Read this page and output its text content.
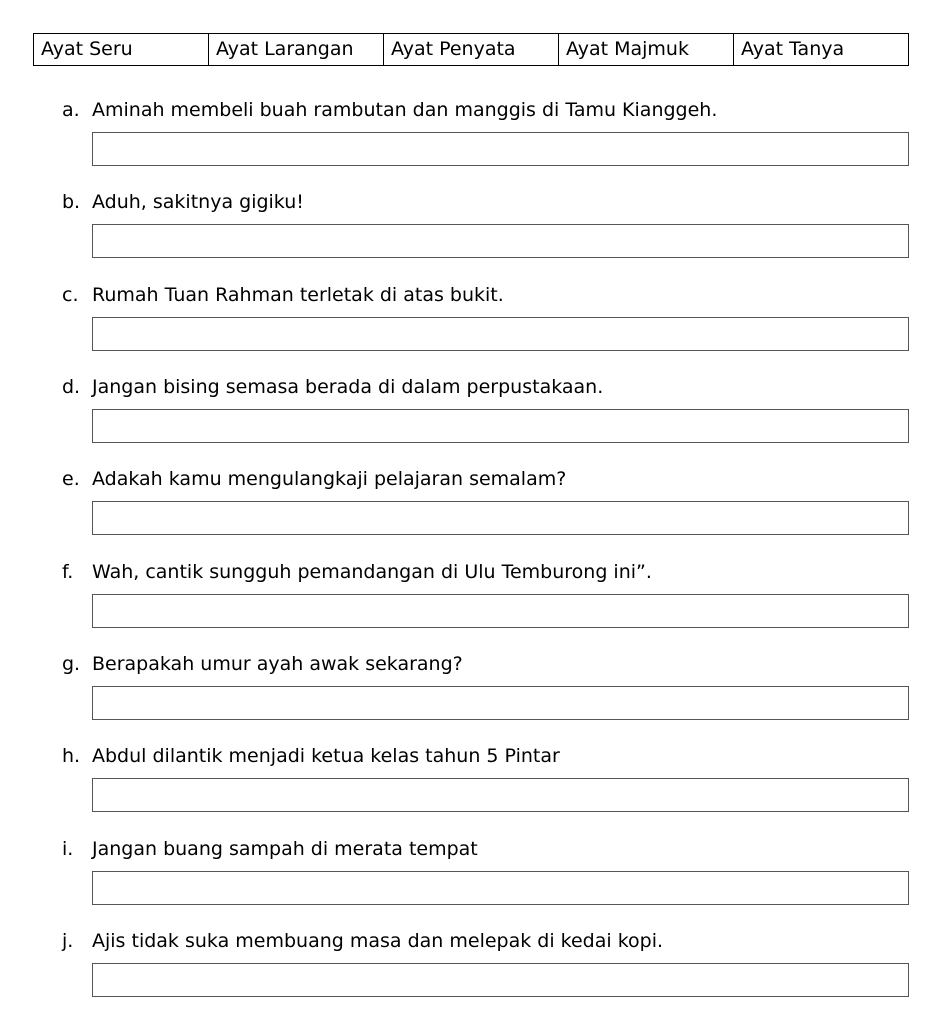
Ayat Seru	Ayat Larangan	Ayat Penyata	Ayat Majmuk	Ayat Tanya
a. Aminah membeli buah rambutan dan manggis di Tamu Kianggeh.
b. Aduh, sakitnya gigiku!
c. Rumah Tuan Rahman terletak di atas bukit.
d. Jangan bising semasa berada di dalam perpustakaan.
e. Adakah kamu mengulangkaji pelajaran semalam?
f. Wah, cantik sungguh pemandangan di Ulu Temburong ini”.
g. Berapakah umur ayah awak sekarang?
h. Abdul dilantik menjadi ketua kelas tahun 5 Pintar
i. Jangan buang sampah di merata tempat
j. Ajis tidak suka membuang masa dan melepak di kedai kopi.
